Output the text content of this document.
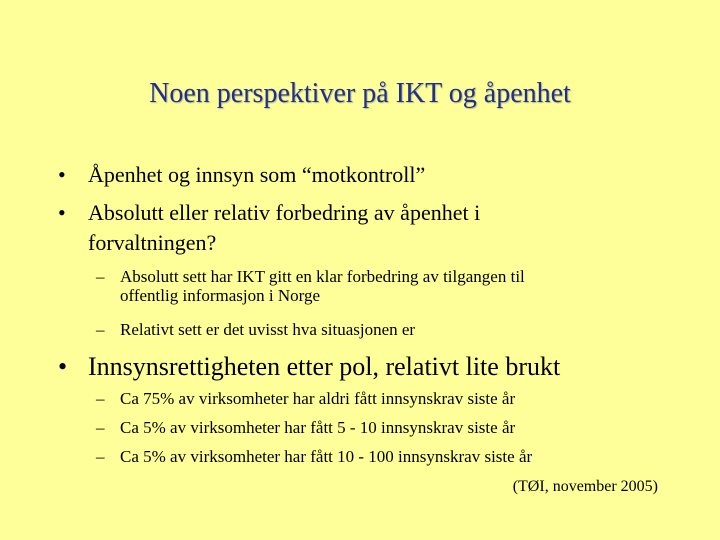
Noen perspektiver på IKT og åpenhet
• Åpenhet og innsyn som “motkontroll”
• Absolutt eller relativ forbedring av åpenhet i
forvaltningen?
– Absolutt sett har IKT gitt en klar forbedring av tilgangen til
offentlig informasjon i Norge
– Relativt sett er det uvisst hva situasjonen er
• Innsynsrettigheten etter pol, relativt lite brukt
– Ca 75% av virksomheter har aldri fått innsynskrav siste år
– Ca 5% av virksomheter har fått 5 - 10 innsynskrav siste år
– Ca 5% av virksomheter har fått 10 - 100 innsynskrav siste år
(TØI, november 2005)
